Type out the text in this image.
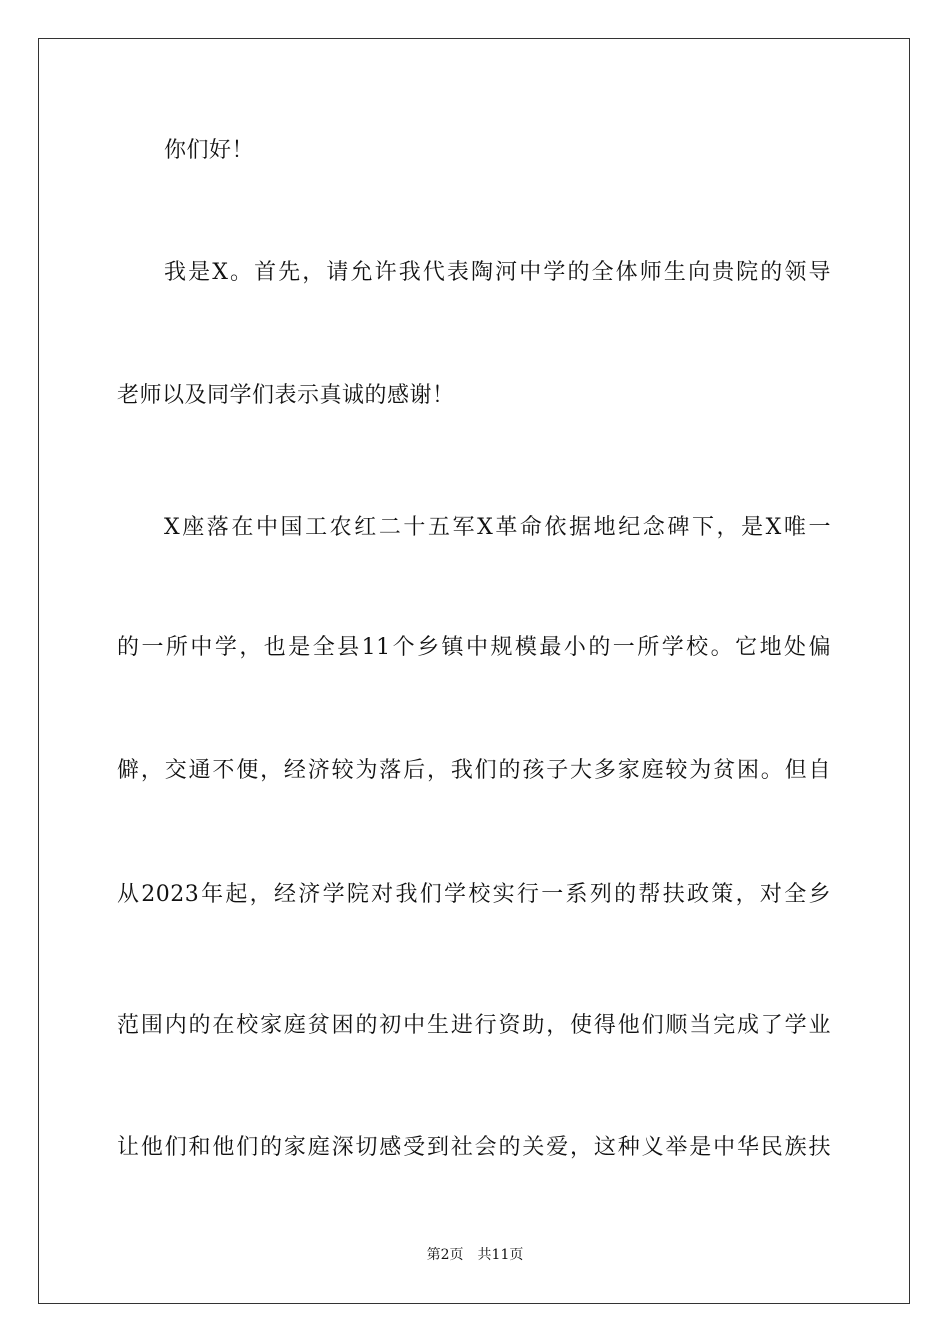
你们好！
我是X。首先，请允许我代表陶河中学的全体师生向贵院的领导
老师以及同学们表示真诚的感谢！
X座落在中国工农红二十五军X革命依据地纪念碑下，是X唯一
的一所中学，也是全县11个乡镇中规模最小的一所学校。它地处偏
僻，交通不便，经济较为落后，我们的孩子大多家庭较为贫困。但自
从2023年起，经济学院对我们学校实行一系列的帮扶政策，对全乡
范围内的在校家庭贫困的初中生进行资助，使得他们顺当完成了学业
让他们和他们的家庭深切感受到社会的关爱，这种义举是中华民族扶
第2页 共11页
